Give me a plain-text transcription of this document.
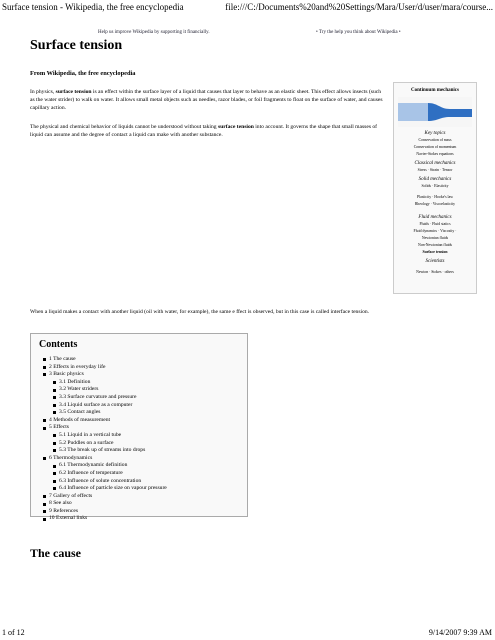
Surface tension - Wikipedia, the free encyclopedia	file:///C:/Documents%20and%20Settings/Mara/User/d/user/mara/course...
Help us improve Wikipedia by supporting it financially.	• Try the help you think about Wikipedia •
Surface tension
From Wikipedia, the free encyclopedia

In physics, surface tension is an effect within the surface layer of a liquid that causes that layer to behave as an elastic sheet. This effect allows insects (such as the water strider) to walk on water. It allows small metal objects such as needles, razor blades, or foil fragments to float on the surface of water, and causes capillary action.

The physical and chemical behavior of liquids cannot be understood without taking surface tension into account. It governs the shape that small masses of liquid can assume and the degree of contact a liquid can make with another substance.

Continuum mechanics
Key topics
Conservation of mass
Conservation of momentum
Navier-Stokes equations
Classical mechanics
Stress · Strain · Tensor
Solid mechanics
Solids · Elasticity
Plasticity · Hooke's law
Rheology · Viscoelasticity
Fluid mechanics
Fluids · Fluid statics
Fluid dynamics · Viscosity ·
Newtonian fluids
Non-Newtonian fluids
Surface tension
Scientists
Newton · Stokes · others
When a liquid makes a contact with another liquid (oil with water, for example), the same e ffect is observed, but in this case is called interface tension.
Contents
1 The cause
2 Effects in everyday life
3 Basic physics
3.1 Definition
3.2 Water striders
3.3 Surface curvature and pressure
3.4 Liquid surface as a computer
3.5 Contact angles
4 Methods of measurement
5 Effects
5.1 Liquid in a vertical tube
5.2 Puddles on a surface
5.3 The break up of streams into drops
6 Thermodynamics
6.1 Thermodynamic definition
6.2 Influence of temperature
6.3 Influence of solute concentration
6.4 Influence of particle size on vapour pressure
7 Gallery of effects
8 See also
9 References
10 External links
The cause
1 of 12	9/14/2007 9:39 AM
